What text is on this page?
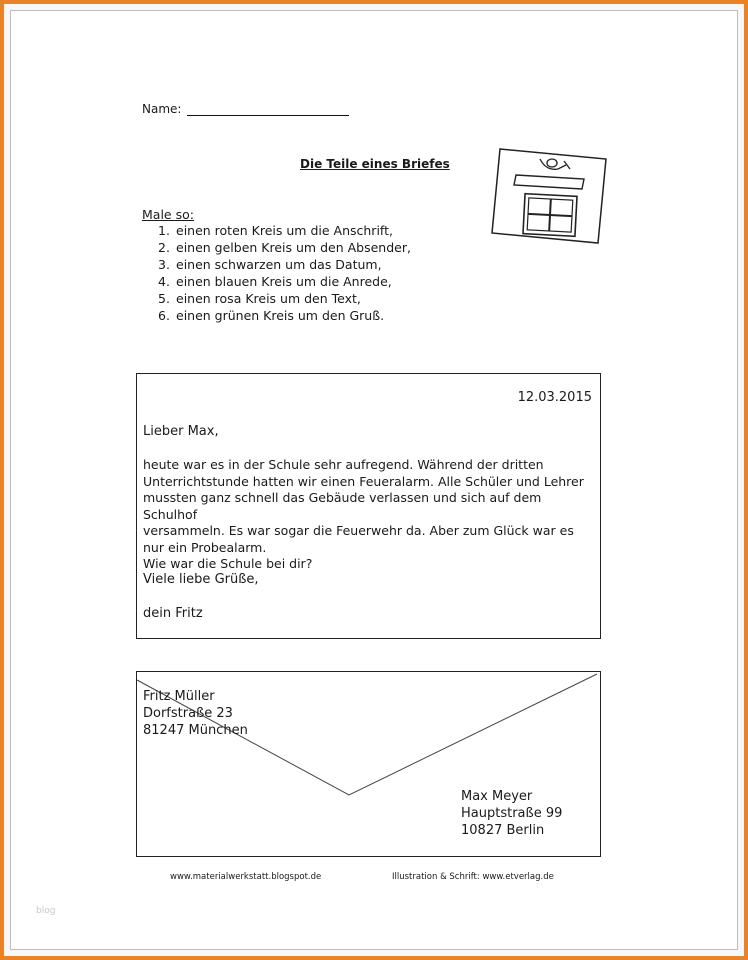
Name:
Die Teile eines Briefes
Male so:
1. einen roten Kreis um die Anschrift,
2. einen gelben Kreis um den Absender,
3. einen schwarzen um das Datum,
4. einen blauen Kreis um die Anrede,
5. einen rosa Kreis um den Text,
6. einen grünen Kreis um den Gruß.
12.03.2015
Lieber Max,
heute war es in der Schule sehr aufregend. Während der dritten
Unterrichtstunde hatten wir einen Feueralarm. Alle Schüler und Lehrer
mussten ganz schnell das Gebäude verlassen und sich auf dem Schulhof
versammeln. Es war sogar die Feuerwehr da. Aber zum Glück war es
nur ein Probealarm.
Wie war die Schule bei dir?
Viele liebe Grüße,
dein Fritz
Fritz Müller
Dorfstraße 23
81247 München
Max Meyer
Hauptstraße 99
10827 Berlin
www.materialwerkstatt.blogspot.de	Illustration & Schrift: www.etverlag.de
blog
